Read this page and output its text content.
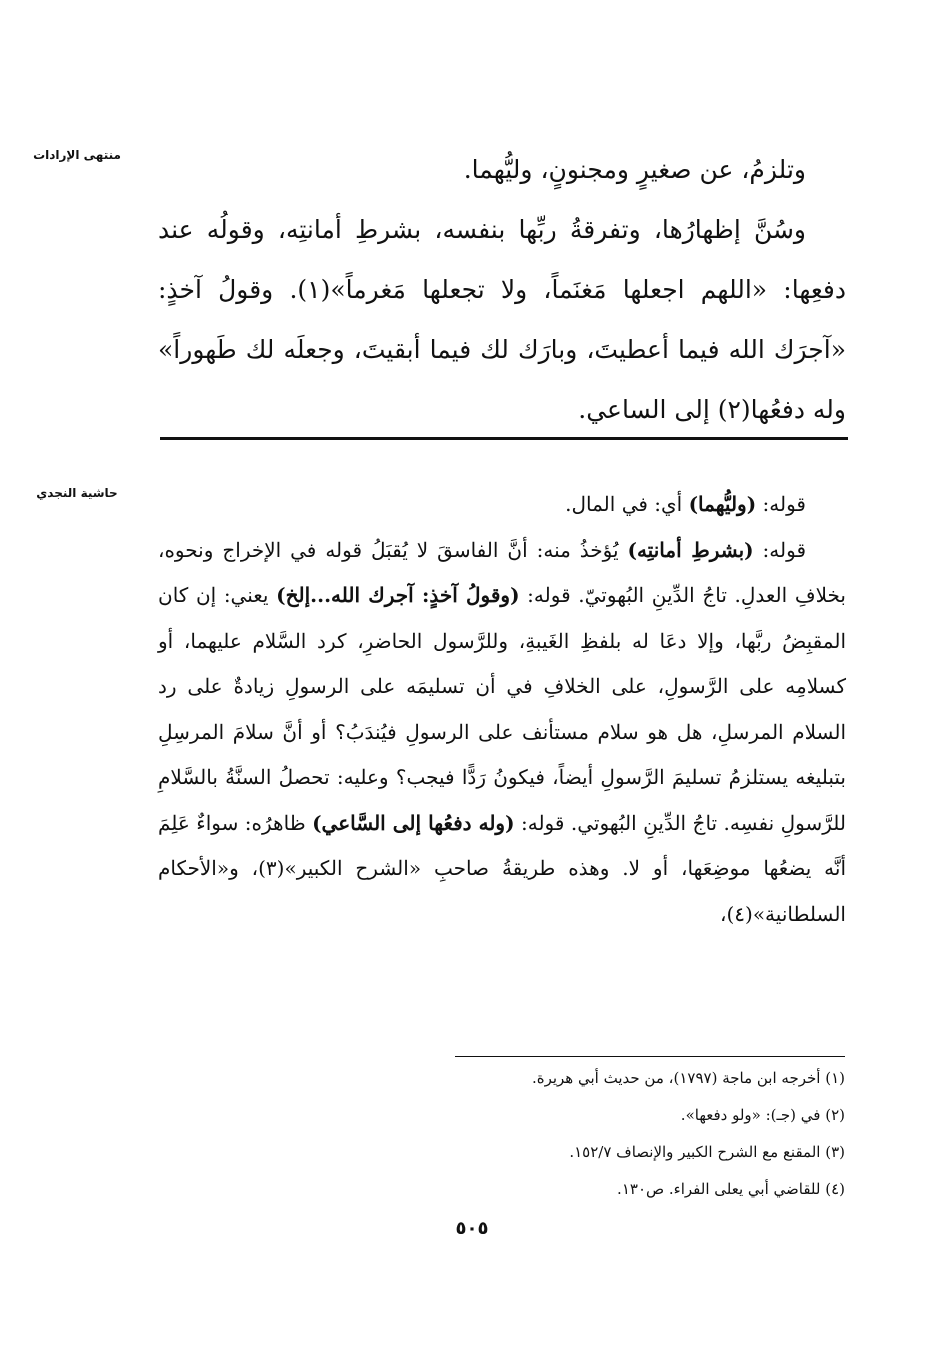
منتهى الإرادات
حاشية النجدي

وتلزمُ، عن صغيرٍ ومجنونٍ، وليُّهما.

وسُنَّ إظهارُها، وتفرقةُ ربِّها بنفسه، بشرطِ أمانتِه، وقولُه عند دفعِها: «اللهم اجعلها مَغنَماً، ولا تجعلها مَغرماً»(١). وقولُ آخذٍ: «آجرَك الله فيما أعطيتَ، وبارَك لك فيما أبقيتَ، وجعلَه لك طَهوراً» وله دفعُها(٢) إلى الساعي.

قوله: (وليُّهما) أي: في المال.

قوله: (بشرطِ أمانتِه) يُؤخذُ منه: أنَّ الفاسقَ لا يُقبَلُ قوله في الإخراج ونحوه، بخلافِ العدلِ. تاجُ الدِّينِ البُهوتيّ. قوله: (وقولُ آخذٍ: آجرك الله...إلخ) يعني: إن كان المقبِضُ ربَّها، وإلا دعَا له بلفظِ الغَيبةِ، وللرَّسول الحاضرِ، كرد السَّلام عليهما، أو كسلامِه على الرَّسولِ، على الخلافِ في أن تسليمَه على الرسولِ زيادةٌ على رد السلام المرسلِ، هل هو سلام مستأنف على الرسولِ فيُندَبُ؟ أو أنَّ سلامَ المرسِلِ بتبليغه يستلزمُ تسليمَ الرَّسولِ أيضاً، فيكونُ رَدًّا فيجب؟ وعليه: تحصلُ السنَّةُ بالسَّلامِ للرَّسولِ نفسِه. تاجُ الدِّينِ البُهوتي. قوله: (وله دفعُها إلى السَّاعي) ظاهرُه: سواءٌ عَلِمَ أنَّه يضعُها موضِعَها، أو لا. وهذه طريقةُ صاحبِ «الشرح الكبير»(٣)، و«الأحكام السلطانية»(٤)،

(١) أخرجه ابن ماجة (١٧٩٧)، من حديث أبي هريرة.
(٢) في (جـ): «ولو دفعها».
(٣) المقنع مع الشرح الكبير والإنصاف ١٥٢/٧.
(٤) للقاضي أبي يعلى الفراء. ص١٣٠.
٥٠٥
